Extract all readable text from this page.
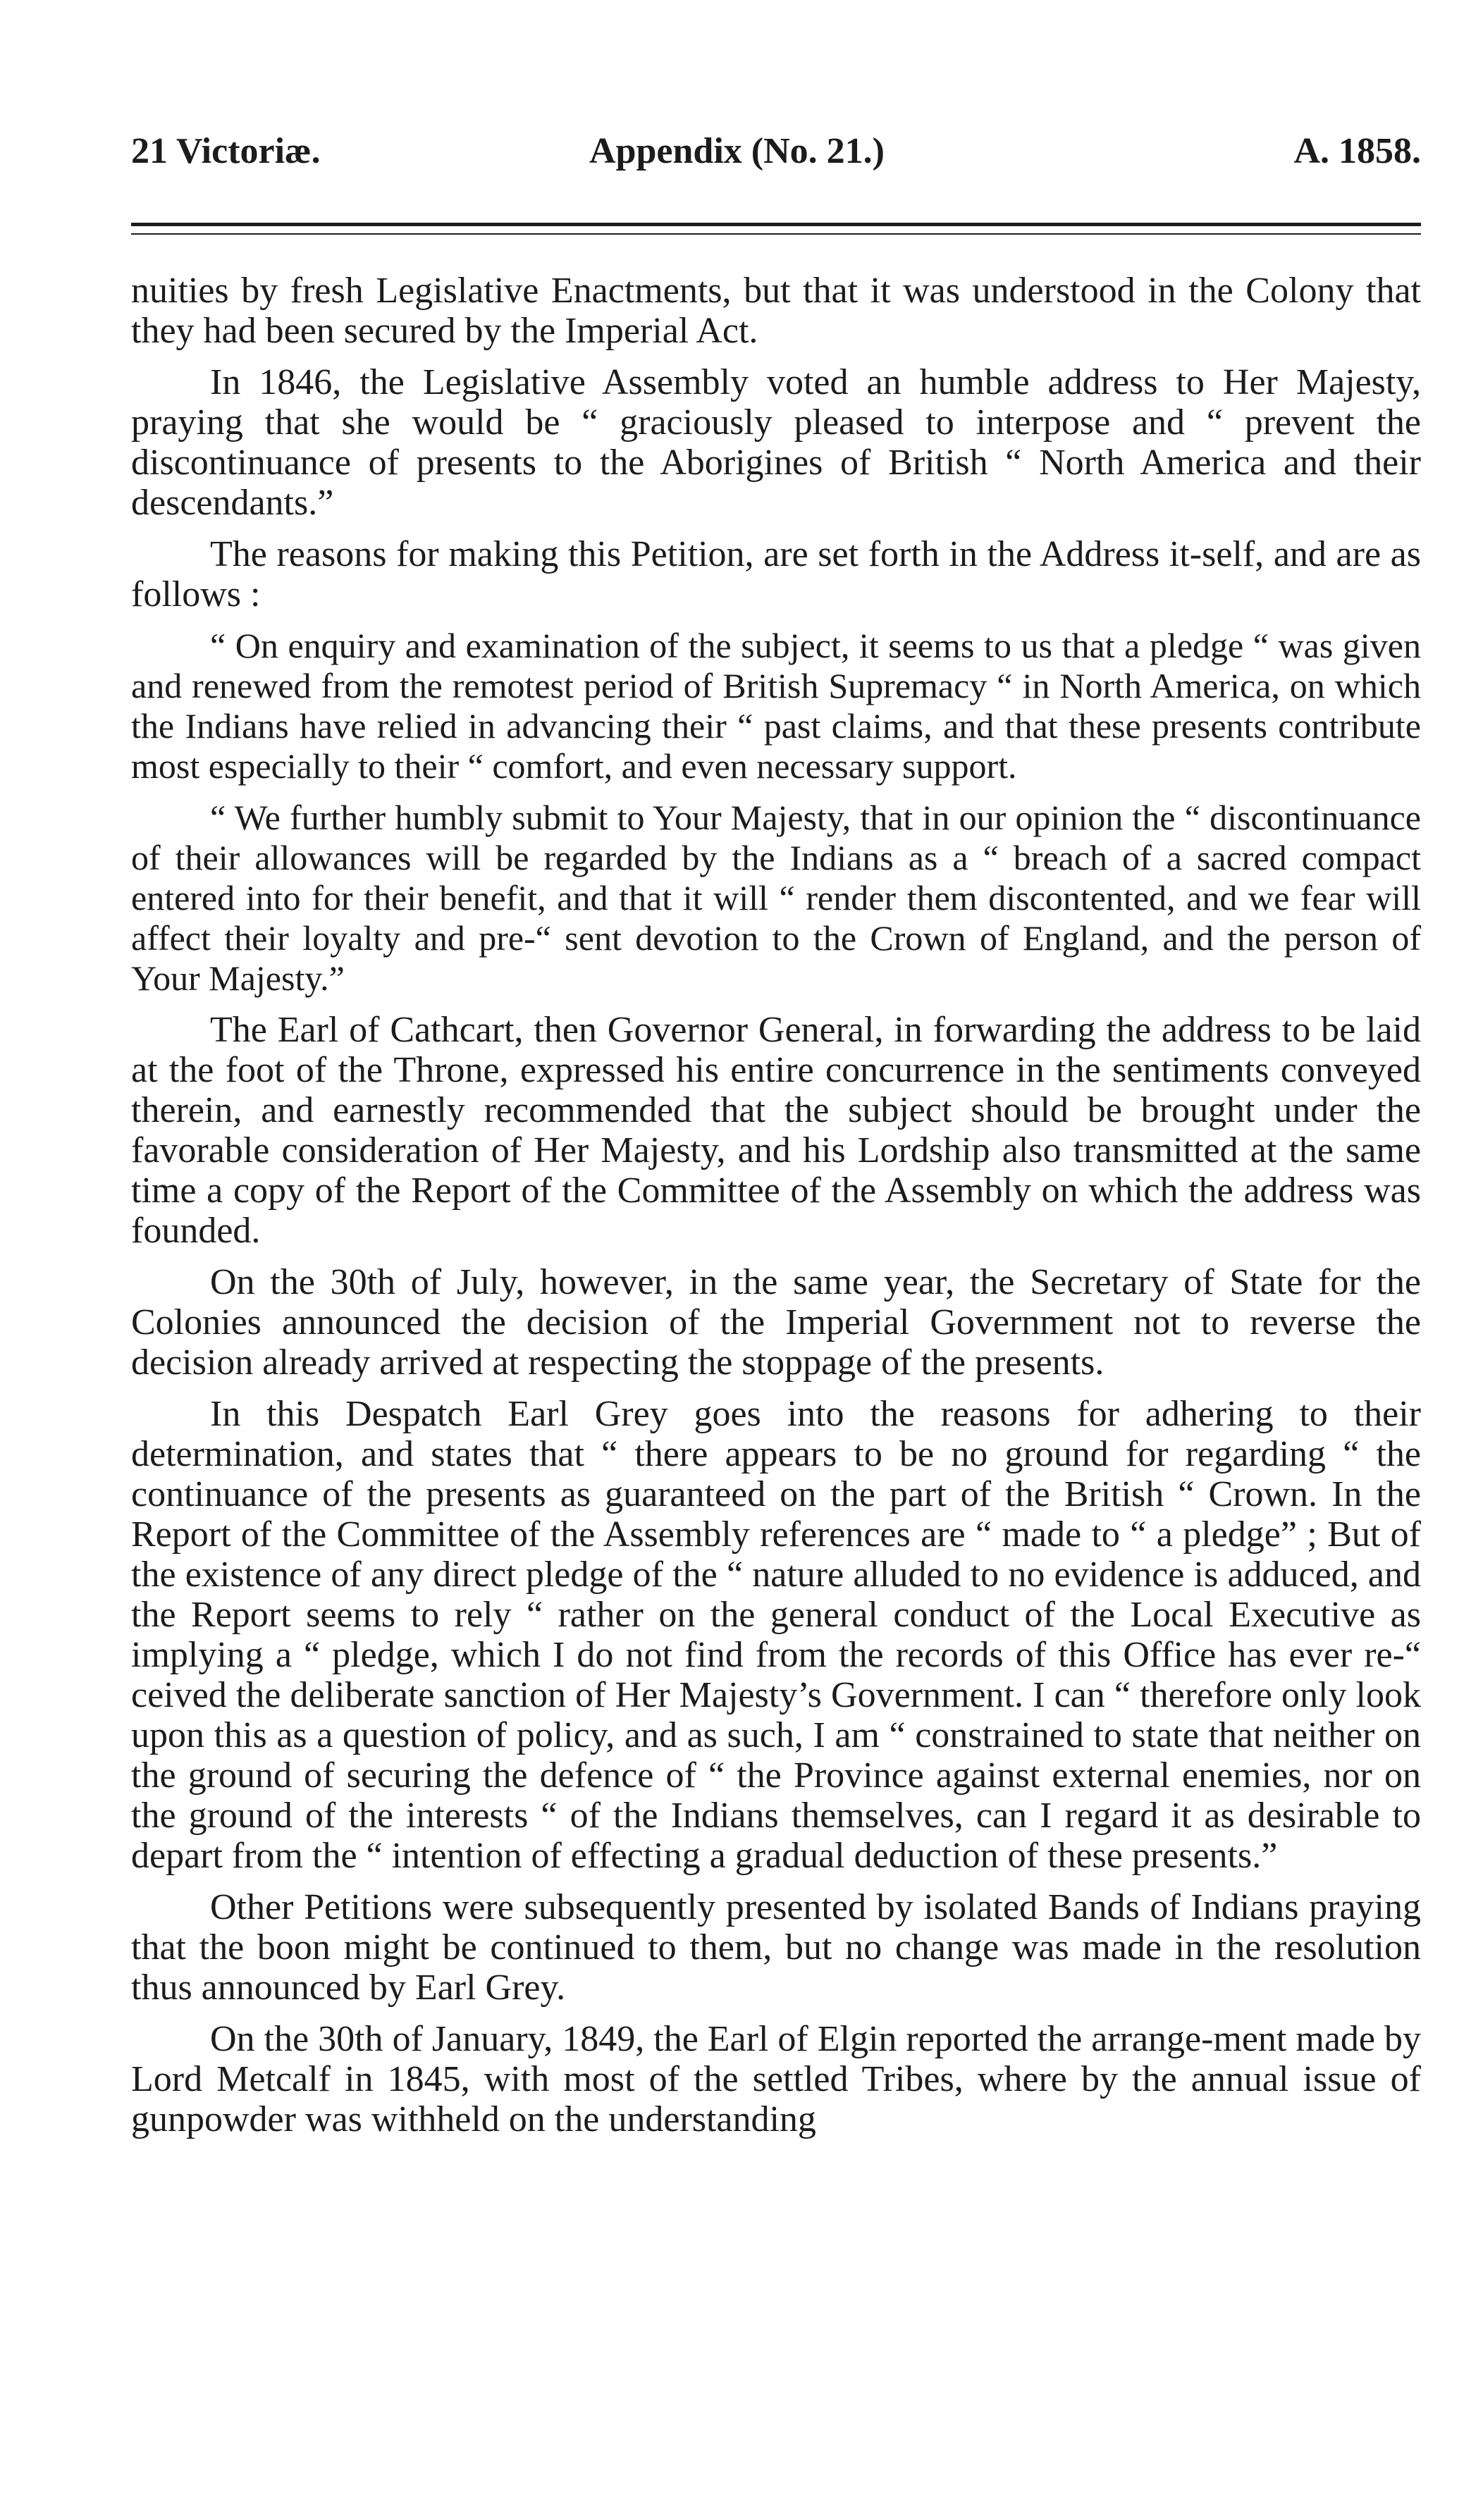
21 Victoriæ.	Appendix (No. 21.)	A. 1858.

nuities by fresh Legislative Enactments, but that it was understood in the Colony that they had been secured by the Imperial Act.

In 1846, the Legislative Assembly voted an humble address to Her Majesty, praying that she would be “ graciously pleased to interpose and “ prevent the discontinuance of presents to the Aborigines of British “ North America and their descendants.”

The reasons for making this Petition, are set forth in the Address it-self, and are as follows :

“ On enquiry and examination of the subject, it seems to us that a pledge “ was given and renewed from the remotest period of British Supremacy “ in North America, on which the Indians have relied in advancing their “ past claims, and that these presents contribute most especially to their “ comfort, and even necessary support.

“ We further humbly submit to Your Majesty, that in our opinion the “ discontinuance of their allowances will be regarded by the Indians as a “ breach of a sacred compact entered into for their benefit, and that it will “ render them discontented, and we fear will affect their loyalty and pre-“ sent devotion to the Crown of England, and the person of Your Majesty.”

The Earl of Cathcart, then Governor General, in forwarding the address to be laid at the foot of the Throne, expressed his entire concurrence in the sentiments conveyed therein, and earnestly recommended that the subject should be brought under the favorable consideration of Her Majesty, and his Lordship also transmitted at the same time a copy of the Report of the Committee of the Assembly on which the address was founded.

On the 30th of July, however, in the same year, the Secretary of State for the Colonies announced the decision of the Imperial Government not to reverse the decision already arrived at respecting the stoppage of the presents.

In this Despatch Earl Grey goes into the reasons for adhering to their determination, and states that “ there appears to be no ground for regarding “ the continuance of the presents as guaranteed on the part of the British “ Crown. In the Report of the Committee of the Assembly references are “ made to “ a pledge” ; But of the existence of any direct pledge of the “ nature alluded to no evidence is adduced, and the Report seems to rely “ rather on the general conduct of the Local Executive as implying a “ pledge, which I do not find from the records of this Office has ever re-“ ceived the deliberate sanction of Her Majesty’s Government. I can “ therefore only look upon this as a question of policy, and as such, I am “ constrained to state that neither on the ground of securing the defence of “ the Province against external enemies, nor on the ground of the interests “ of the Indians themselves, can I regard it as desirable to depart from the “ intention of effecting a gradual deduction of these presents.”

Other Petitions were subsequently presented by isolated Bands of Indians praying that the boon might be continued to them, but no change was made in the resolution thus announced by Earl Grey.

On the 30th of January, 1849, the Earl of Elgin reported the arrange-ment made by Lord Metcalf in 1845, with most of the settled Tribes, where by the annual issue of gunpowder was withheld on the understanding
